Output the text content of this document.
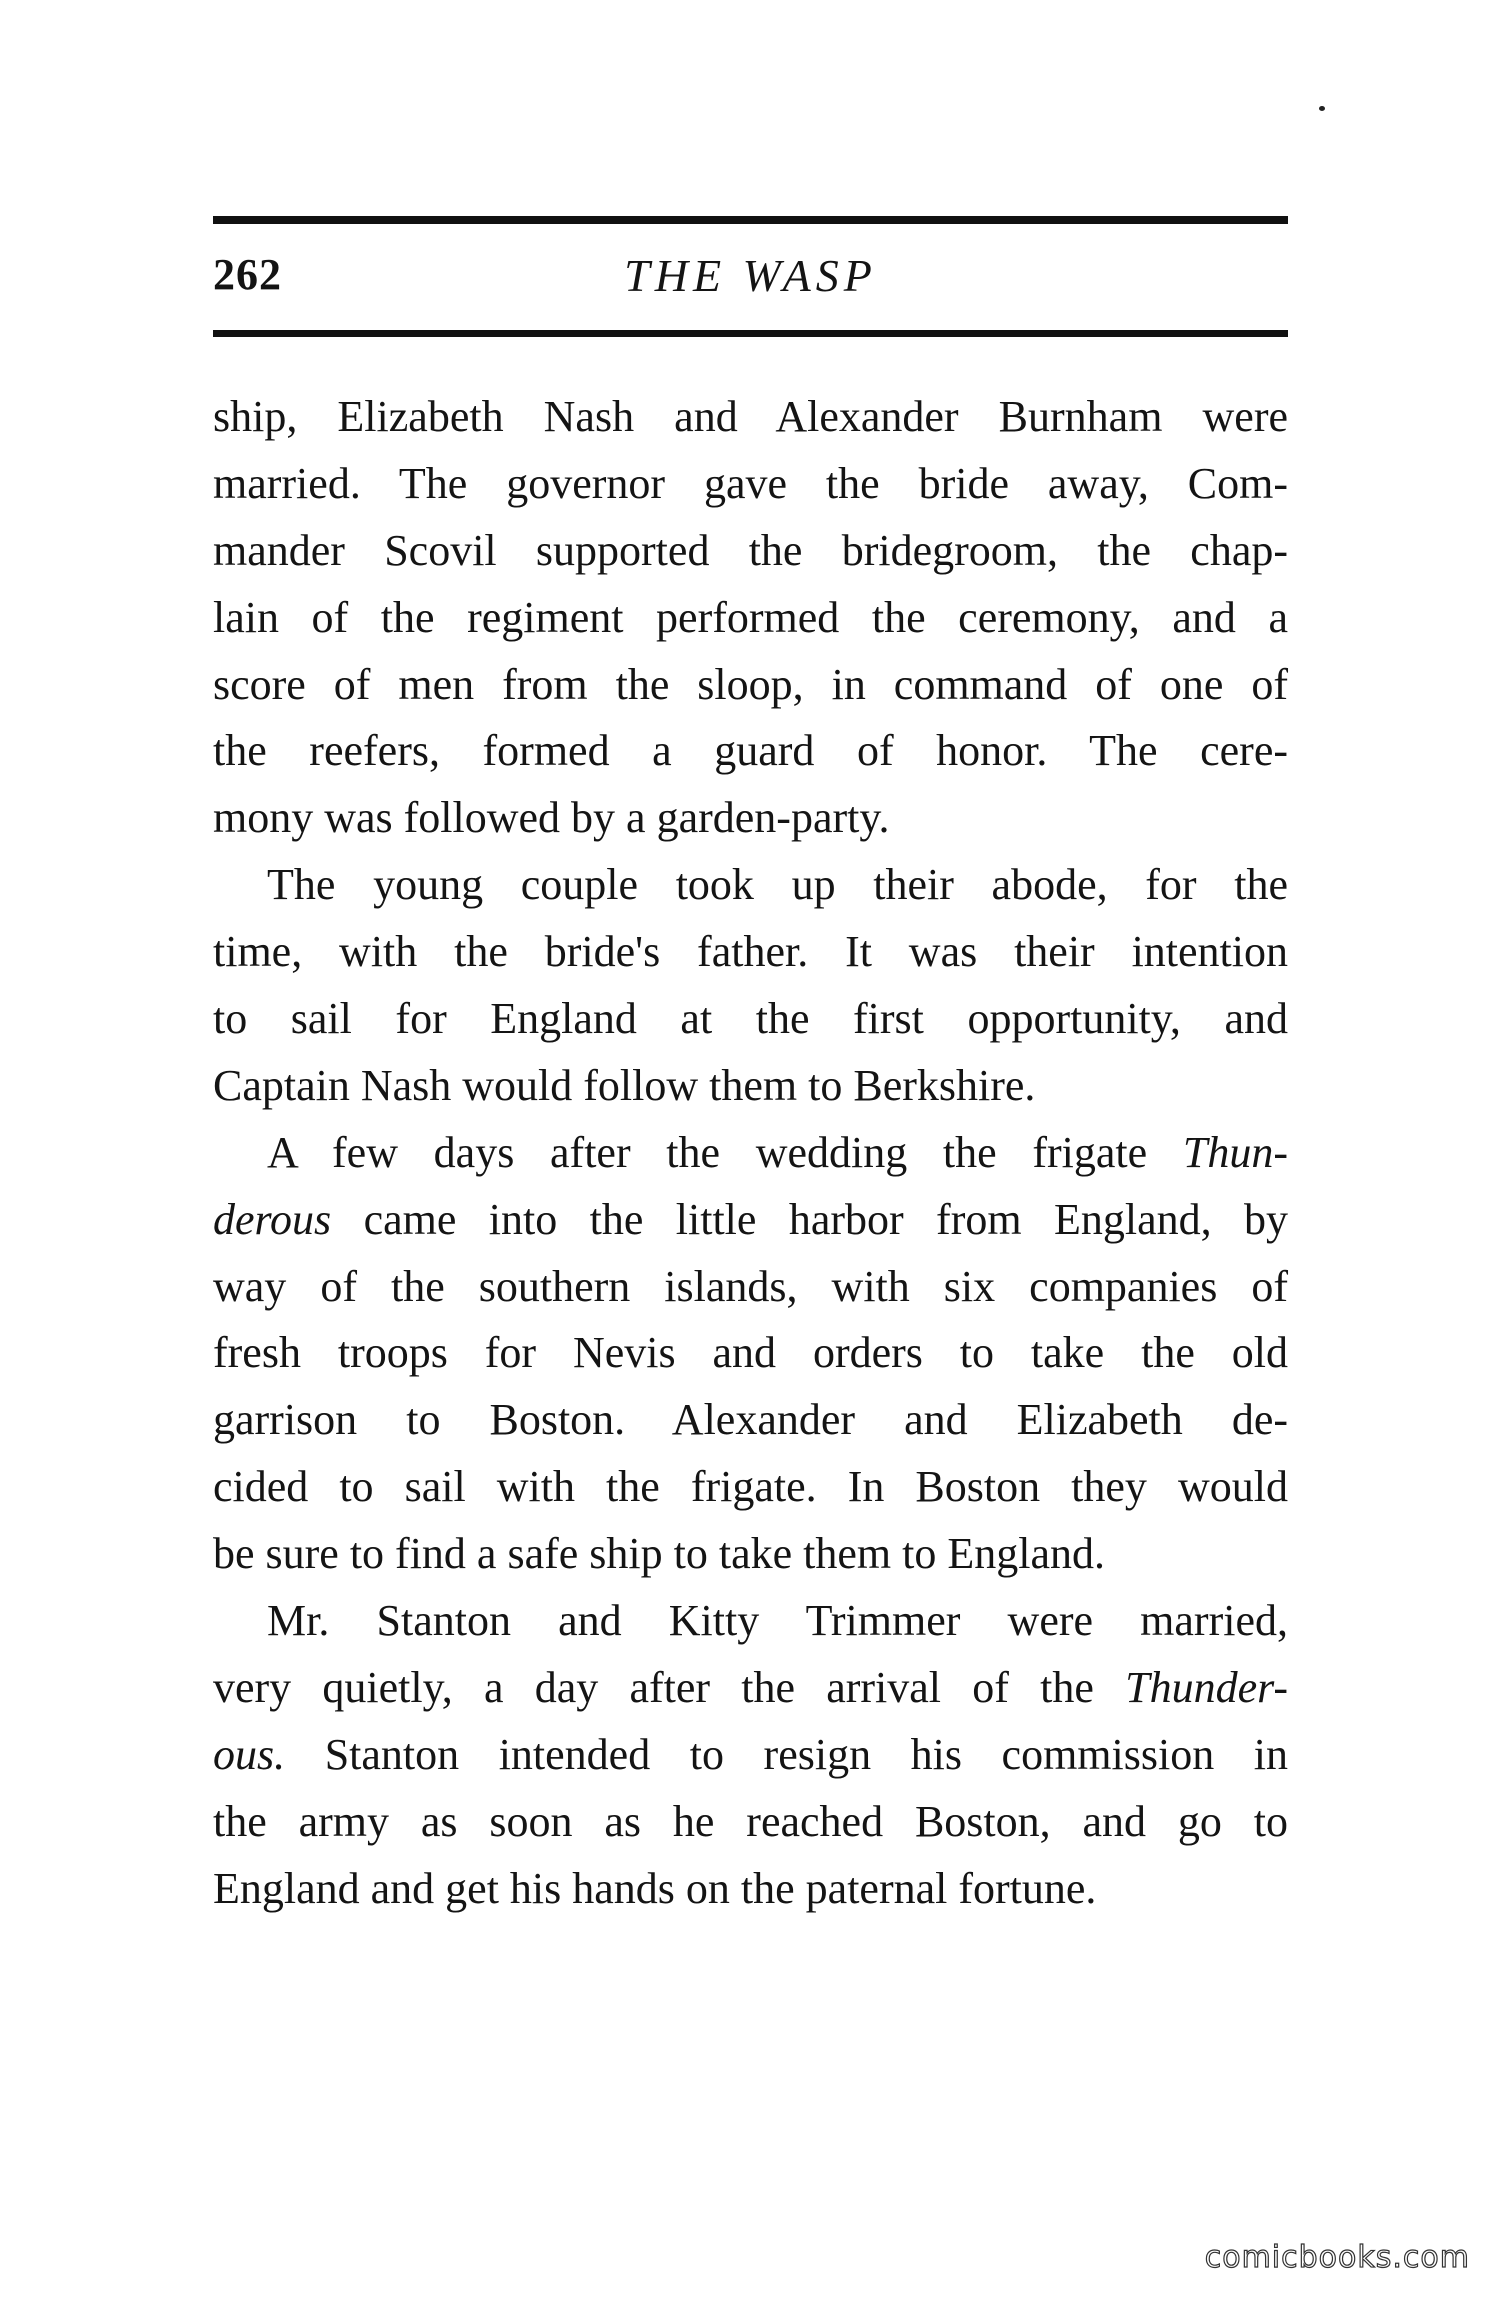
262	THE WASP
ship, Elizabeth Nash and Alexander Burnham were
married. The governor gave the bride away, Com-
mander Scovil supported the bridegroom, the chap-
lain of the regiment performed the ceremony, and a
score of men from the sloop, in command of one of
the reefers, formed a guard of honor. The cere-
mony was followed by a garden-party.
The young couple took up their abode, for the
time, with the bride's father. It was their intention
to sail for England at the first opportunity, and
Captain Nash would follow them to Berkshire.
A few days after the wedding the frigate Thun-
derous came into the little harbor from England, by
way of the southern islands, with six companies of
fresh troops for Nevis and orders to take the old
garrison to Boston. Alexander and Elizabeth de-
cided to sail with the frigate. In Boston they would
be sure to find a safe ship to take them to England.
Mr. Stanton and Kitty Trimmer were married,
very quietly, a day after the arrival of the Thunder-
ous. Stanton intended to resign his commission in
the army as soon as he reached Boston, and go to
England and get his hands on the paternal fortune.
comicbooks.com
